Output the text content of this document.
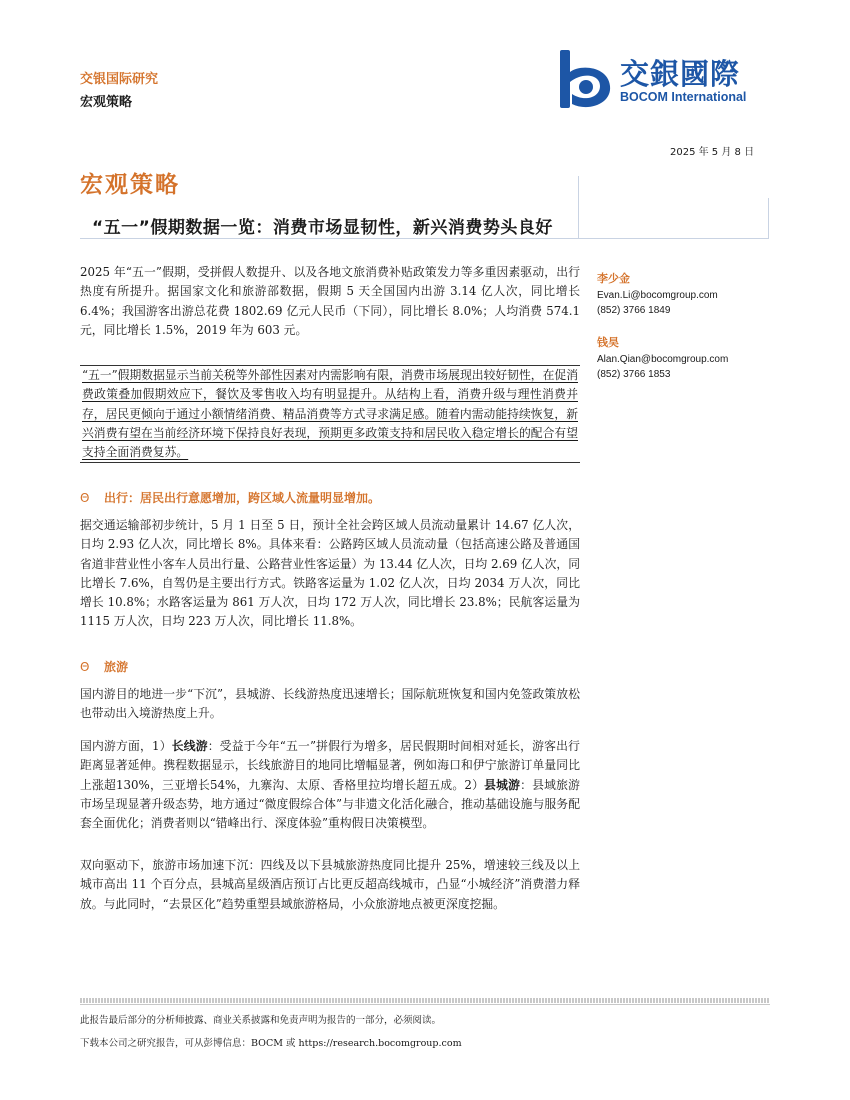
交银国际研究
宏观策略
交銀國際
BOCOM International
2025 年 5 月 8 日
宏观策略
“五一”假期数据一览：消费市场显韧性，新兴消费势头良好

2025 年“五一”假期，受拼假人数提升、以及各地文旅消费补贴政策发力等多重因素驱动，出行热度有所提升。据国家文化和旅游部数据，假期 5 天全国国内出游 3.14 亿人次，同比增长 6.4%；我国游客出游总花费 1802.69 亿元人民币（下同），同比增长 8.0%；人均消费 574.1 元，同比增长 1.5%，2019 年为 603 元。

“五一”假期数据显示当前关税等外部性因素对内需影响有限，消费市场展现出较好韧性，在促消费政策叠加假期效应下，餐饮及零售收入均有明显提升。从结构上看，消费升级与理性消费并存，居民更倾向于通过小额情绪消费、精品消费等方式寻求满足感。随着内需动能持续恢复，新兴消费有望在当前经济环境下保持良好表现，预期更多政策支持和居民收入稳定增长的配合有望支持全面消费复苏。

Θ 出行：居民出行意愿增加，跨区域人流量明显增加。

据交通运输部初步统计，5 月 1 日至 5 日，预计全社会跨区域人员流动量累计 14.67 亿人次，日均 2.93 亿人次，同比增长 8%。具体来看：公路跨区域人员流动量（包括高速公路及普通国省道非营业性小客车人员出行量、公路营业性客运量）为 13.44 亿人次，日均 2.69 亿人次，同比增长 7.6%，自驾仍是主要出行方式。铁路客运量为 1.02 亿人次，日均 2034 万人次，同比增长 10.8%；水路客运量为 861 万人次，日均 172 万人次，同比增长 23.8%；民航客运量为 1115 万人次，日均 223 万人次，同比增长 11.8%。

Θ 旅游

国内游目的地进一步“下沉”，县城游、长线游热度迅速增长；国际航班恢复和国内免签政策放松也带动出入境游热度上升。

国内游方面，1）长线游：受益于今年“五一”拼假行为增多，居民假期时间相对延长，游客出行距离显著延伸。携程数据显示，长线旅游目的地同比增幅显著，例如海口和伊宁旅游订单量同比上涨超130%，三亚增长54%，九寨沟、太原、香格里拉均增长超五成。2）县城游：县域旅游市场呈现显著升级态势，地方通过“微度假综合体”与非遗文化活化融合，推动基础设施与服务配套全面优化；消费者则以“错峰出行、深度体验”重构假日决策模型。

双向驱动下，旅游市场加速下沉：四线及以下县城旅游热度同比提升 25%，增速较三线及以上城市高出 11 个百分点，县城高星级酒店预订占比更反超高线城市，凸显“小城经济”消费潜力释放。与此同时，“去景区化”趋势重塑县域旅游格局，小众旅游地点被更深度挖掘。

李少金
Evan.Li@bocomgroup.com
(852) 3766 1849
钱昊
Alan.Qian@bocomgroup.com
(852) 3766 1853
此报告最后部分的分析师披露、商业关系披露和免责声明为报告的一部分，必须阅读。
下载本公司之研究报告，可从彭博信息：BOCM 或 https://research.bocomgroup.com
